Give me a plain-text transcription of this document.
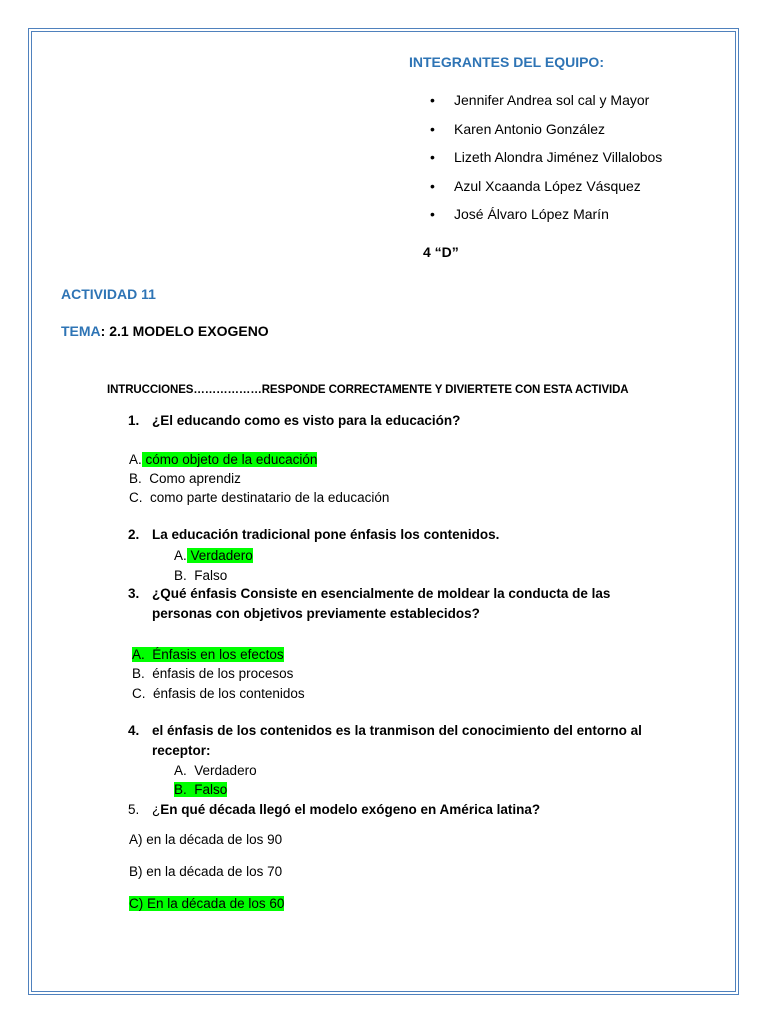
INTEGRANTES DEL EQUIPO:
• Jennifer Andrea sol cal y Mayor
• Karen Antonio González
• Lizeth Alondra Jiménez Villalobos
• Azul Xcaanda López Vásquez
• José Álvaro López Marín
4 “D”
ACTIVIDAD 11
TEMA: 2.1 MODELO EXOGENO
INTRUCCIONES………………RESPONDE CORRECTAMENTE Y DIVIERTETE CON ESTA ACTIVIDA
1. ¿El educando como es visto para la educación?
A. cómo objeto de la educación
B. Como aprendiz
C. como parte destinatario de la educación
2. La educación tradicional pone énfasis los contenidos.
A. Verdadero
B. Falso
3. ¿Qué énfasis Consiste en esencialmente de moldear la conducta de las personas con objetivos previamente establecidos?
A. Énfasis en los efectos
B. énfasis de los procesos
C. énfasis de los contenidos
4. el énfasis de los contenidos es la tranmison del conocimiento del entorno al receptor:
A. Verdadero
B. Falso
5. ¿En qué década llegó el modelo exógeno en América latina?
A) en la década de los 90
B) en la década de los 70
C) En la década de los 60
